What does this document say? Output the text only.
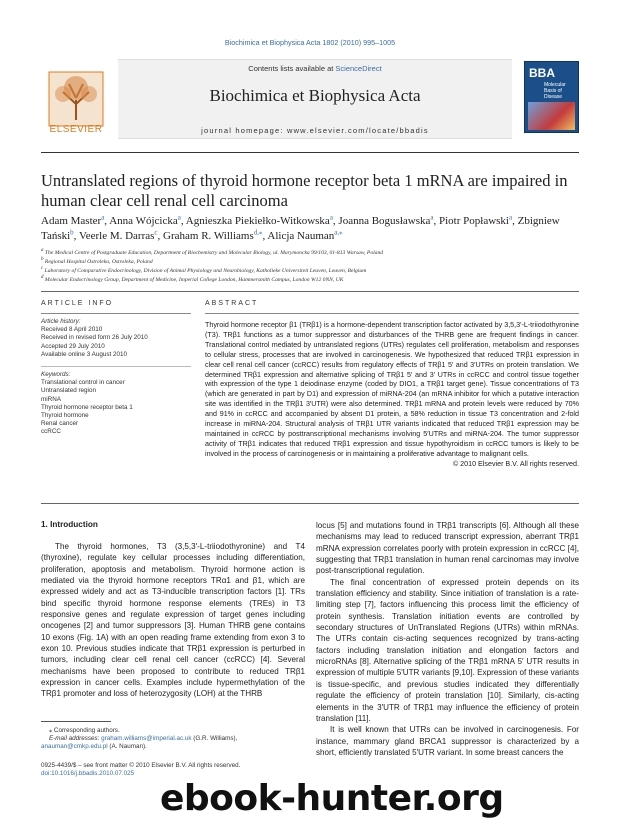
Biochimica et Biophysica Acta 1802 (2010) 995–1005
ELSEVIER
Contents lists available at ScienceDirect
Biochimica et Biophysica Acta
journal homepage: www.elsevier.com/locate/bbadis
BBA
Molecular Basis of Disease
Untranslated regions of thyroid hormone receptor beta 1 mRNA are impaired in human clear cell renal cell carcinoma
Adam Master$^a$, Anna Wójcicka$^a$, Agnieszka Piekiełko-Witkowska$^a$, Joanna Bogusławska$^a$, Piotr Popławski$^a$, Zbigniew Tański$^b$, Veerle M. Darras$^c$, Graham R. Williams$^{d,⁎}$, Alicja Nauman$^{a,⁎}$
$^a$ The Medical Centre of Postgraduate Education, Department of Biochemistry and Molecular Biology, ul. Marymoncka 99/103, 01-813 Warsaw, Poland
$^b$ Regional Hospital Ostroleka, Ostroleka, Poland
$^c$ Laboratory of Comparative Endocrinology, Division of Animal Physiology and Neurobiology, Katholieke Universiteit Leuven, Leuven, Belgium
$^d$ Molecular Endocrinology Group, Department of Medicine, Imperial College London, Hammersmith Campus, London W12 0NN, UK
ARTICLE INFO
Article history:
Received 8 April 2010
Received in revised form 26 July 2010
Accepted 29 July 2010
Available online 3 August 2010
Keywords:
Translational control in cancer
Untranslated region
miRNA
Thyroid hormone receptor beta 1
Thyroid hormone
Renal cancer
ccRCC
ABSTRACT
Thyroid hormone receptor β1 (TRβ1) is a hormone-dependent transcription factor activated by 3,5,3′-L-triiodothyronine (T3). TRβ1 functions as a tumor suppressor and disturbances of the THRB gene are frequent findings in cancer. Translational control mediated by untranslated regions (UTRs) regulates cell proliferation, metabolism and responses to cellular stress, processes that are involved in carcinogenesis. We hypothesized that reduced TRβ1 expression in clear cell renal cell cancer (ccRCC) results from regulatory effects of TRβ1 5′ and 3′UTRs on protein translation. We determined TRβ1 expression and alternative splicing of TRβ1 5′ and 3′ UTRs in ccRCC and control tissue together with expression of the type 1 deiodinase enzyme (coded by DIO1, a TRβ1 target gene). Tissue concentrations of T3 (which are generated in part by D1) and expression of miRNA-204 (an mRNA inhibitor for which a putative interaction site was identified in the TRβ1 3′UTR) were also determined. TRβ1 mRNA and protein levels were reduced by 70% and 91% in ccRCC and accompanied by absent D1 protein, a 58% reduction in tissue T3 concentration and 2-fold increase in miRNA-204. Structural analysis of TRβ1 UTR variants indicated that reduced TRβ1 expression may be maintained in ccRCC by posttranscriptional mechanisms involving 5′UTRs and miRNA-204. The tumor suppressor activity of TRβ1 indicates that reduced TRβ1 expression and tissue hypothyroidism in ccRCC tumors is likely to be involved in the process of carcinogenesis or in maintaining a proliferative advantage to malignant cells.
© 2010 Elsevier B.V. All rights reserved.
1. Introduction

The thyroid hormones, T3 (3,5,3′-L-triiodothyronine) and T4 (thyroxine), regulate key cellular processes including differentiation, proliferation, apoptosis and metabolism. Thyroid hormone action is mediated via the thyroid hormone receptors TRα1 and β1, which are expressed widely and act as T3-inducible transcription factors [1]. TRs bind specific thyroid hormone response elements (TREs) in T3 responsive genes and regulate expression of target genes including oncogenes [2] and tumor suppressors [3]. Human THRB gene contains 10 exons (Fig. 1A) with an open reading frame extending from exon 3 to exon 10. Previous studies indicate that TRβ1 expression is perturbed in tumors, including clear cell renal cell cancer (ccRCC) [4]. Several mechanisms have been proposed to contribute to reduced TRβ1 expression in cancer cells. Examples include hypermethylation of the TRβ1 promoter and loss of heterozygosity (LOH) at the THRB

locus [5] and mutations found in TRβ1 transcripts [6]. Although all these mechanisms may lead to reduced transcript expression, aberrant TRβ1 mRNA expression correlates poorly with protein expression in ccRCC [4], suggesting that TRβ1 translation in human renal carcinomas may involve post-transcriptional regulation.

The final concentration of expressed protein depends on its translation efficiency and stability. Since initiation of translation is a rate-limiting step [7], factors influencing this process limit the efficiency of protein synthesis. Translation initiation events are controlled by secondary structures of UnTranslated Regions (UTRs) within mRNAs. The UTRs contain cis-acting sequences recognized by trans-acting factors including translation initiation and elongation factors and microRNAs [8]. Alternative splicing of the TRβ1 mRNA 5′ UTR results in expression of multiple 5′UTR variants [9,10]. Expression of these variants is tissue-specific, and previous studies indicated they differentially regulate the efficiency of protein translation [10]. Similarly, cis-acting elements in the 3′UTR of TRβ1 may influence the efficiency of protein translation [11].

It is well known that UTRs can be involved in carcinogenesis. For instance, mammary gland BRCA1 suppressor is characterized by a short, efficiently translated 5′UTR variant. In some breast cancers the

⁎ Corresponding authors.
E-mail addresses: graham.williams@imperial.ac.uk (G.R. Williams),
anauman@cmkp.edu.pl (A. Nauman).
0925-4439/$ – see front matter © 2010 Elsevier B.V. All rights reserved.
doi:10.1016/j.bbadis.2010.07.025
ebook-hunter.org
